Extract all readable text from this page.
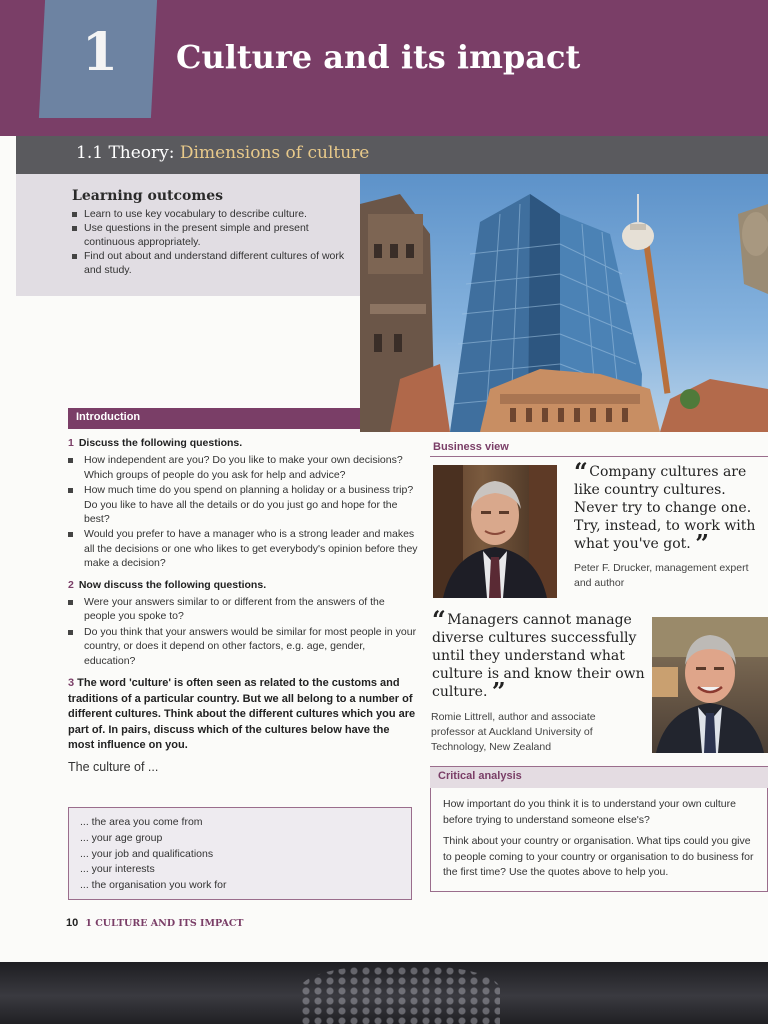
1	Culture and its impact
1.1 Theory: Dimensions of culture
Learning outcomes
Learn to use key vocabulary to describe culture.
Use questions in the present simple and present continuous appropriately.
Find out about and understand different cultures of work and study.
Introduction
1 Discuss the following questions.
How independent are you? Do you like to make your own decisions? Which groups of people do you ask for help and advice?
How much time do you spend on planning a holiday or a business trip? Do you like to have all the details or do you just go and hope for the best?
Would you prefer to have a manager who is a strong leader and makes all the decisions or one who likes to get everybody's opinion before they make a decision?
2 Now discuss the following questions.
Were your answers similar to or different from the answers of the people you spoke to?
Do you think that your answers would be similar for most people in your country, or does it depend on other factors, e.g. age, gender, education?
3 The word 'culture' is often seen as related to the customs and traditions of a particular country. But we all belong to a number of different cultures. Think about the different cultures which you are part of. In pairs, discuss which of the cultures below have the most influence on you.
The culture of ...
... the area you come from
... your age group
... your job and qualifications
... your interests
... the organisation you work for
10 1 CULTURE AND ITS IMPACT
Business view
“ Company cultures are like country cultures. Never try to change one. Try, instead, to work with what you've got. ”
Peter F. Drucker, management expert and author
“ Managers cannot manage diverse cultures successfully until they understand what culture is and know their own culture. ”
Romie Littrell, author and associate professor at Auckland University of Technology, New Zealand
Critical analysis

How important do you think it is to understand your own culture before trying to understand someone else's?

Think about your country or organisation. What tips could you give to people coming to your country or organisation to do business for the first time? Use the quotes above to help you.
